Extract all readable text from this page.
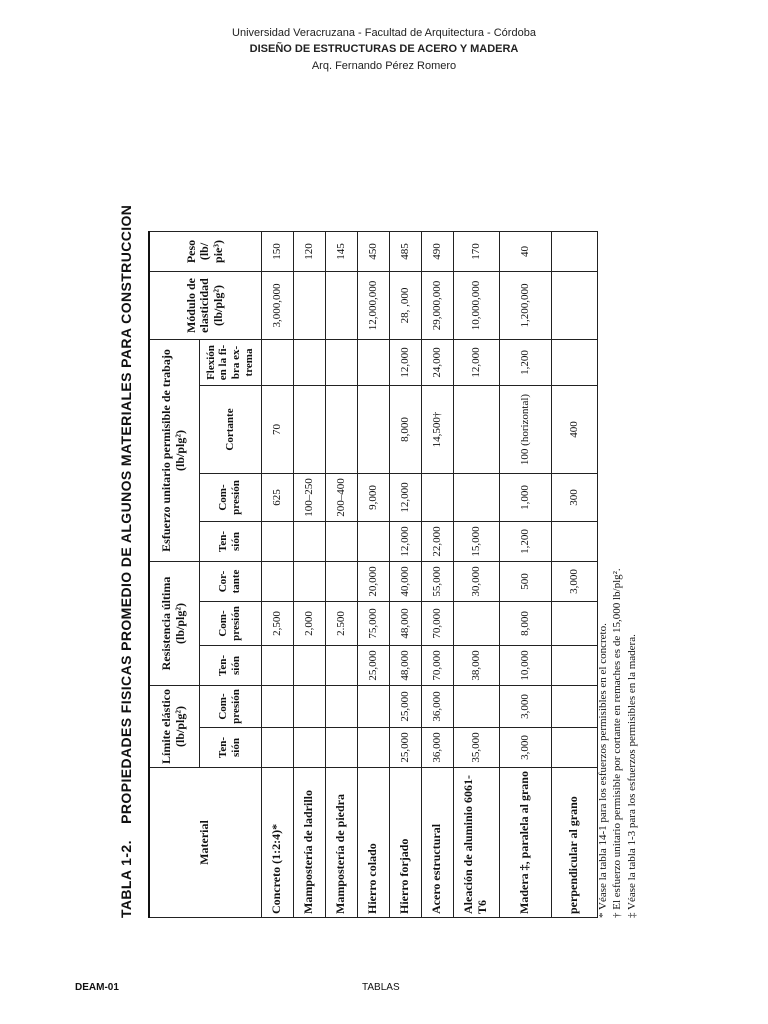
Universidad Veracruzana - Facultad de Arquitectura - Córdoba
DISEÑO DE ESTRUCTURAS DE ACERO Y MADERA
Arq. Fernando Pérez Romero
TABLA 1-2. PROPIEDADES FISICAS PROMEDIO DE ALGUNOS MATERIALES PARA CONSTRUCCION
Material	Límite elástico (lb/plg²)		Resistencia última (lb/plg²)			Esfuerzo unitario permisible de trabajo (lb/plg²)				Módulo de elasticidad (lb/plg²)	Peso (lb/ pie³)
	Ten- sión	Com- presión	Ten- sión	Com- presión	Cor- tante	Ten- sión	Com- presión	Cortante	Flexión en la fi- bra ex- trema		
Concreto (1:2:4)*				2,500			625	70		3,000,000	150
Mampostería de ladrillo				2,000			100–250				120
Mampostería de piedra				2.500			200–400				145
Hierro colado			25,000	75,000	20,000		9,000			12,000,000	450
Hierro forjado	25,000	25,000	48,000	48,000	40,000	12,000	12,000	8,000	12,000	28, ,000	485
Acero estructural	36,000	36,000	70,000	70,000	55,000	22,000		14,500†	24,000	29,000,000	490
Aleación de aluminio 6061-T6	35,000		38,000		30,000	15,000			12,000	10,000,000	170
Madera ‡, paralela al grano	3,000	3,000	10,000	8,000	500	1,200	1,000	100 (horizontal)	1,200	1,200,000	40
perpendicular al grano					3,000		300	400			
* Véase la tabla 14-1 para los esfuerzos permisibles en el concreto. † El esfuerzo unitario permisible por cortante en remaches es de 15,000 lb/plg². ‡ Véase la tabla 1-3 para los esfuerzos permisibles en la madera.
DEAM-01	TABLAS
